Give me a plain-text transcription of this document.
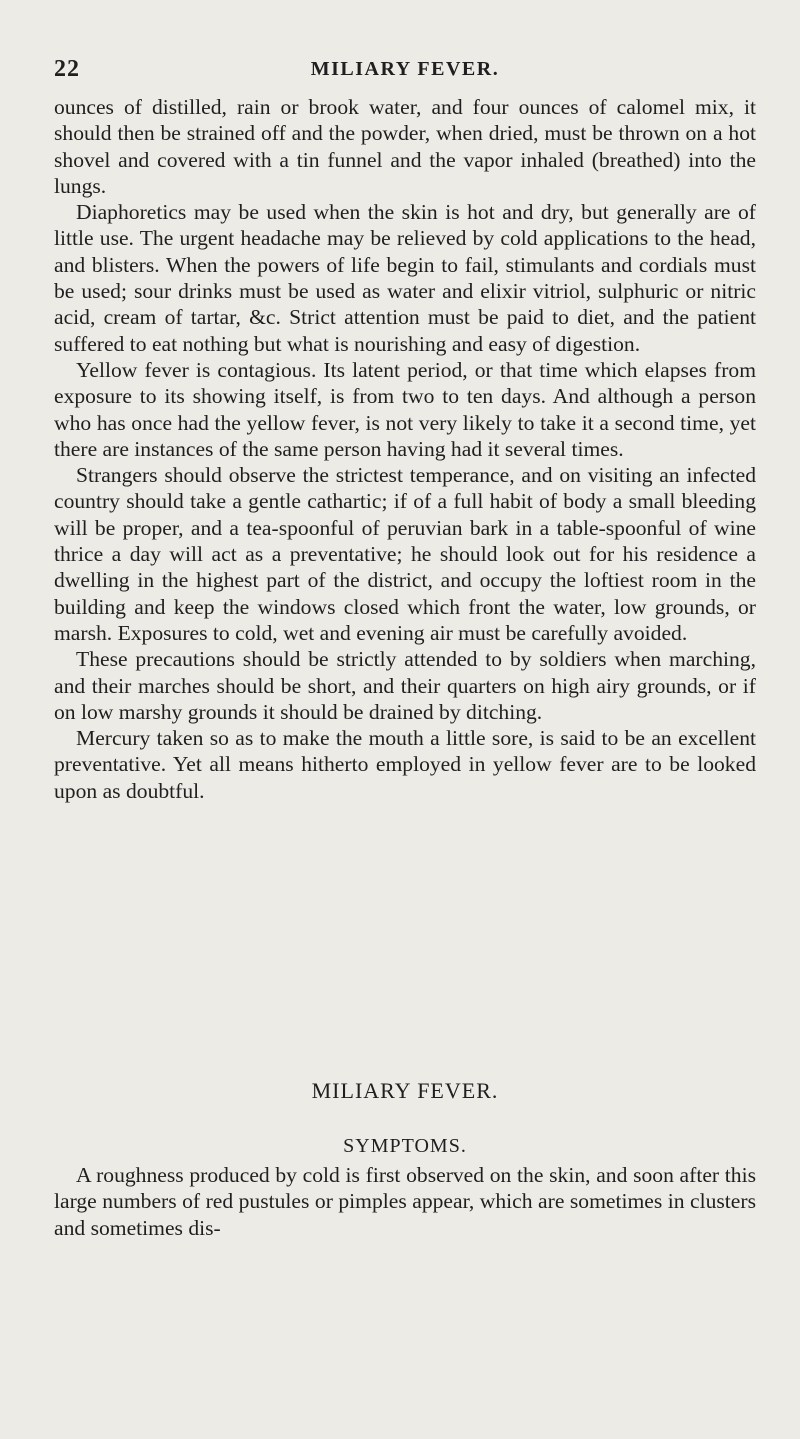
22	MILIARY FEVER.

ounces of distilled, rain or brook water, and four ounces of calomel mix, it should then be strained off and the powder, when dried, must be thrown on a hot shovel and covered with a tin funnel and the vapor inhaled (breathed) into the lungs.

Diaphoretics may be used when the skin is hot and dry, but generally are of little use. The urgent headache may be relieved by cold applications to the head, and blisters. When the powers of life begin to fail, stimulants and cordials must be used; sour drinks must be used as water and elixir vitriol, sulphuric or nitric acid, cream of tartar, &c. Strict attention must be paid to diet, and the patient suffered to eat nothing but what is nourishing and easy of digestion.

Yellow fever is contagious. Its latent period, or that time which elapses from exposure to its showing itself, is from two to ten days. And although a person who has once had the yellow fever, is not very likely to take it a second time, yet there are instances of the same person having had it several times.

Strangers should observe the strictest temperance, and on visiting an infected country should take a gentle cathartic; if of a full habit of body a small bleeding will be proper, and a tea-spoonful of peruvian bark in a table-spoonful of wine thrice a day will act as a preventative; he should look out for his residence a dwelling in the highest part of the district, and occupy the loftiest room in the building and keep the windows closed which front the water, low grounds, or marsh. Exposures to cold, wet and evening air must be carefully avoided.

These precautions should be strictly attended to by soldiers when marching, and their marches should be short, and their quarters on high airy grounds, or if on low marshy grounds it should be drained by ditching.

Mercury taken so as to make the mouth a little sore, is said to be an excellent preventative. Yet all means hitherto employed in yellow fever are to be looked upon as doubtful.

MILIARY FEVER.
SYMPTOMS.

A roughness produced by cold is first observed on the skin, and soon after this large numbers of red pustules or pimples appear, which are sometimes in clusters and sometimes dis-
